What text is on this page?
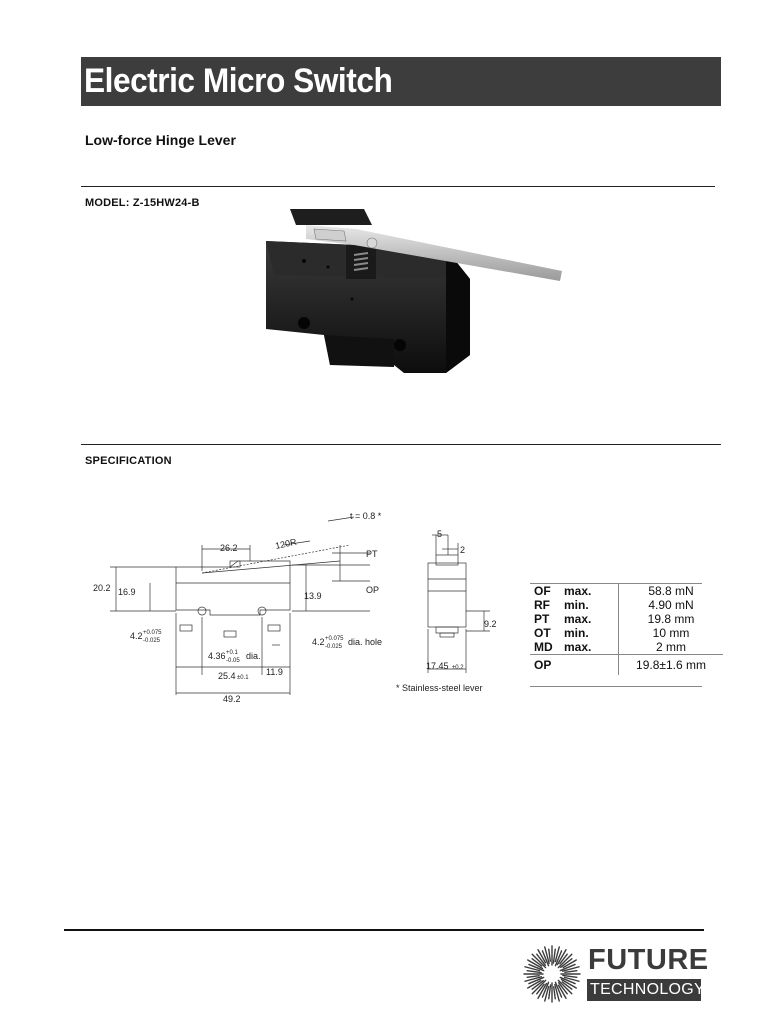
Electric Micro Switch
Low-force Hinge Lever
MODEL: Z-15HW24-B
SPECIFICATION
t = 0.8 *
120R
26.2
20.2 16.9	13.9
PT
OP
4.2 +0.075
-0.025
4.36 +0.1
-0.05 dia.
4.2 +0.075
-0.025 dia. hole
25.4 ±0.1
11.9
49.2
5
2
9.2
17.45 ±0.2
* Stainless-steel lever
OF	max.	58.8 mN
RF	min.	4.90 mN
PT	max.	19.8 mm
OT	min.	10 mm
MD	max.	2 mm
OP		19.8±1.6 mm
FUTURE
TECHNOLOGY
